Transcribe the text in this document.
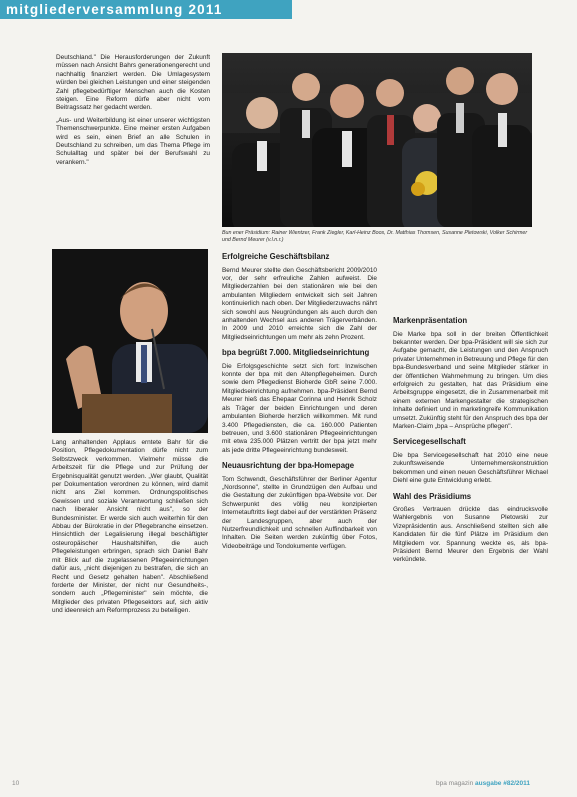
mitgliederversammlung 2011

Deutschland." Die Herausforderungen der Zukunft müssen nach Ansicht Bahrs generationengerecht und nachhaltig finanziert werden. Die Umlagesystem würden bei gleichen Leistungen und einer steigenden Zahl pflegebedürftiger Menschen auch die Kosten steigen. Eine Reform dürfe aber nicht vom Beitragssatz her gedacht werden.

„Aus- und Weiterbildung ist einer unserer wichtigsten Themenschwerpunkte. Eine meiner ersten Aufgaben wird es sein, einen Brief an alle Schulen in Deutschland zu schreiben, um das Thema Pflege im Schulalltag und später bei der Berufswahl zu verankern."

Bun ener Präsidium: Rainer Wientzer, Frank Ziegler, Karl-Heinz Boos, Dr. Matthias Thomsen, Susanne Pletowski, Volker Schirmer und Bernd Meurer (v.l.n.r.)

Lang anhaltenden Applaus erntete Bahr für die Position, Pflegedokumentation dürfe nicht zum Selbstzweck verkommen. Vielmehr müsse die Arbeitszeit für die Pflege und zur Prüfung der Ergebnisqualität genutzt werden. „Wer glaubt, Qualität per Dokumentation verordnen zu können, wird damit nicht ans Ziel kommen. Ordnungspolitisches Gewissen und soziale Verantwortung schließen sich nach liberaler Ansicht nicht aus", so der Bundesminister. Er werde sich auch weiterhin für den Abbau der Bürokratie in der Pflegebranche einsetzen. Hinsichtlich der Legalisierung illegal beschäftigter osteuropäischer Haushaltshilfen, die auch Pflegeleistungen erbringen, sprach sich Daniel Bahr mit Blick auf die zugelassenen Pflegeeinrichtungen dafür aus, „nicht diejenigen zu bestrafen, die sich an Recht und Gesetz gehalten haben". Abschließend forderte der Minister, der nicht nur Gesundheits-, sondern auch „Pflegeminister" sein möchte, die Mitglieder des privaten Pflegesektors auf, sich aktiv und ideenreich am Reformprozess zu beteiligen.

Erfolgreiche Geschäftsbilanz

Bernd Meurer stellte den Geschäftsbericht 2009/2010 vor, der sehr erfreuliche Zahlen aufweist. Die Mitgliederzahlen bei den stationären wie bei den ambulanten Mitgliedern entwickelt sich seit Jahren kontinuierlich nach oben. Der Mitgliederzuwachs nährt sich sowohl aus Neugründungen als auch durch den anhaltenden Wechsel aus anderen Trägerverbänden. In 2009 und 2010 erreichte sich die Zahl der Mitgliedseinrichtungen um mehr als zehn Prozent.

bpa begrüßt 7.000. Mitgliedseinrichtung

Die Erfolgsgeschichte setzt sich fort: Inzwischen konnte der bpa mit den Altenpflegeheimen. Durch sowie dem Pflegedienst Bioherde GbR seine 7.000. Mitgliedseinrichtung aufnehmen. bpa-Präsident Bernd Meurer hieß das Ehepaar Corinna und Henrik Scholz als Träger der beiden Einrichtungen und deren ambulanten Bioherde herzlich willkommen. Mit rund 3.400 Pflegediensten, die ca. 160.000 Patienten betreuen, und 3.600 stationären Pflegeeinrichtungen mit etwa 235.000 Plätzen vertritt der bpa jetzt mehr als jede dritte Pflegeeinrichtung bundesweit.

Neuausrichtung der bpa-Homepage

Tom Schwendt, Geschäftsführer der Berliner Agentur „Nordsonne", stellte in Grundzügen den Aufbau und die Gestaltung der zukünftigen bpa-Website vor. Der Schwerpunkt des völlig neu konzipierten Internetauftritts liegt dabei auf der verstärkten Präsenz der Landesgruppen, aber auch der Nutzerfreundlichkeit und schnellen Auffindbarkeit von Inhalten. Die Seiten werden zukünftig über Fotos, Videobeiträge und Tondokumente verfügen.

Markenpräsentation

Die Marke bpa soll in der breiten Öffentlichkeit bekannter werden. Der bpa-Präsident will sie sich zur Aufgabe gemacht, die Leistungen und den Anspruch privater Unternehmen in Betreuung und Pflege für den bpa-Bundesverband und seine Mitglieder stärker in der öffentlichen Wahrnehmung zu bringen. Um dies erfolgreich zu gestalten, hat das Präsidium eine Arbeitsgruppe eingesetzt, die in Zusammenarbeit mit einem externen Markengestalter die strategischen Inhalte definiert und in marketingreife Kommunikation umsetzt. Zukünftig steht für den Anspruch des bpa der Marken-Claim „bpa – Ansprüche pflegen".

Servicegesellschaft

Die bpa Servicegesellschaft hat 2010 eine neue zukunftsweisende Unternehmenskonstruktion bekommen und einen neuen Geschäftsführer Michael Diehl eine gute Entwicklung erlebt.

Wahl des Präsidiums

Großes Vertrauen drückte das eindrucksvolle Wahlergebnis von Susanne Pletowski zur Vizepräsidentin aus. Anschließend stellten sich alle Kandidaten für die fünf Plätze im Präsidium den Mitgliedern vor. Spannung weckte es, als bpa-Präsident Bernd Meurer den Ergebnis der Wahl verkündete.

10	bpa magazin ausgabe #82/2011
